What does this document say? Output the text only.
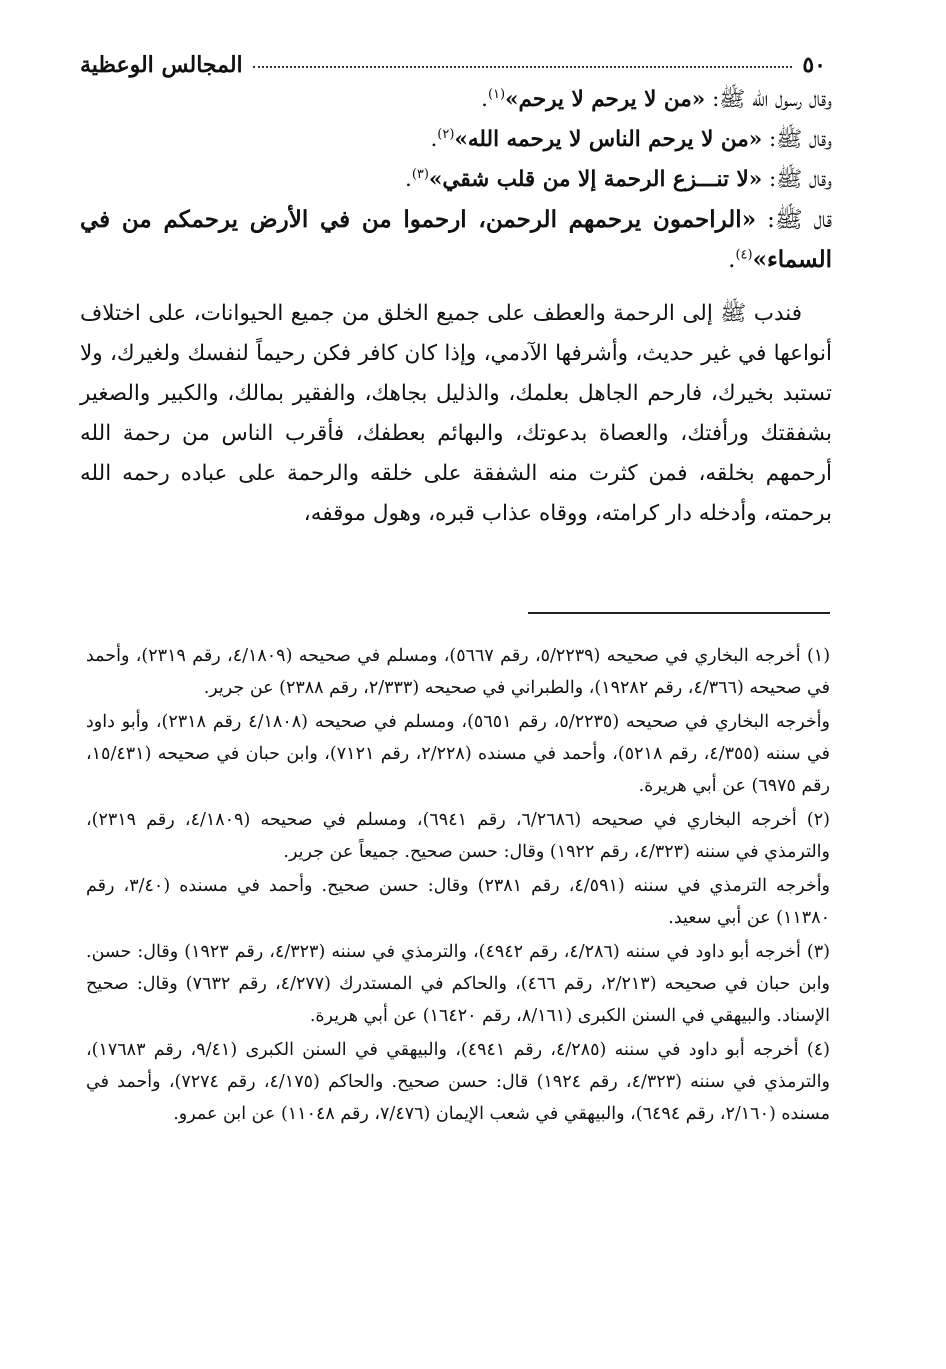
٥٠
المجالس الوعظية

وقال رسول الله ﷺ: «من لا يرحم لا يرحم»$^{(١)}$.

وقال ﷺ: «من لا يرحم الناس لا يرحمه الله»$^{(٢)}$.

وقال ﷺ: «لا تنـــزع الرحمة إلا من قلب شقي»$^{(٣)}$.

قال ﷺ: «الراحمون يرحمهم الرحمن، ارحموا من في الأرض يرحمكم من في السماء»$^{(٤)}$.

فندب ﷺ إلى الرحمة والعطف على جميع الخلق من جميع الحيوانات، على اختلاف أنواعها في غير حديث، وأشرفها الآدمي، وإذا كان كافر فكن رحيماً لنفسك ولغيرك، ولا تستبد بخيرك، فارحم الجاهل بعلمك، والذليل بجاهك، والفقير بمالك، والكبير والصغير بشفقتك ورأفتك، والعصاة بدعوتك، والبهائم بعطفك، فأقرب الناس من رحمة الله أرحمهم بخلقه، فمن كثرت منه الشفقة على خلقه والرحمة على عباده رحمه الله برحمته، وأدخله دار كرامته، ووقاه عذاب قبره، وهول موقفه،

(١) أخرجه البخاري في صحيحه (٥/٢٢٣٩، رقم ٥٦٦٧)، ومسلم في صحيحه (٤/١٨٠٩، رقم ٢٣١٩)، وأحمد في صحيحه (٤/٣٦٦، رقم ١٩٢٨٢)، والطبراني في صحيحه (٢/٣٣٣، رقم ٢٣٨٨) عن جرير.

وأخرجه البخاري في صحيحه (٥/٢٢٣٥، رقم ٥٦٥١)، ومسلم في صحيحه (٤/١٨٠٨ رقم ٢٣١٨)، وأبو داود في سننه (٤/٣٥٥، رقم ٥٢١٨)، وأحمد في مسنده (٢/٢٢٨، رقم ٧١٢١)، وابن حبان في صحيحه (١٥/٤٣١، رقم ٦٩٧٥) عن أبي هريرة.

(٢) أخرجه البخاري في صحيحه (٦/٢٦٨٦، رقم ٦٩٤١)، ومسلم في صحيحه (٤/١٨٠٩، رقم ٢٣١٩)، والترمذي في سننه (٤/٣٢٣، رقم ١٩٢٢) وقال: حسن صحيح. جميعاً عن جرير.

وأخرجه الترمذي في سننه (٤/٥٩١، رقم ٢٣٨١) وقال: حسن صحيح. وأحمد في مسنده (٣/٤٠، رقم ١١٣٨٠) عن أبي سعيد.

(٣) أخرجه أبو داود في سننه (٤/٢٨٦، رقم ٤٩٤٢)، والترمذي في سننه (٤/٣٢٣، رقم ١٩٢٣) وقال: حسن. وابن حبان في صحيحه (٢/٢١٣، رقم ٤٦٦)، والحاكم في المستدرك (٤/٢٧٧، رقم ٧٦٣٢) وقال: صحيح الإسناد. والبيهقي في السنن الكبرى (٨/١٦١، رقم ١٦٤٢٠) عن أبي هريرة.

(٤) أخرجه أبو داود في سننه (٤/٢٨٥، رقم ٤٩٤١)، والبيهقي في السنن الكبرى (٩/٤١، رقم ١٧٦٨٣)، والترمذي في سننه (٤/٣٢٣، رقم ١٩٢٤) قال: حسن صحيح. والحاكم (٤/١٧٥، رقم ٧٢٧٤)، وأحمد في مسنده (٢/١٦٠، رقم ٦٤٩٤)، والبيهقي في شعب الإيمان (٧/٤٧٦، رقم ١١٠٤٨) عن ابن عمرو.
